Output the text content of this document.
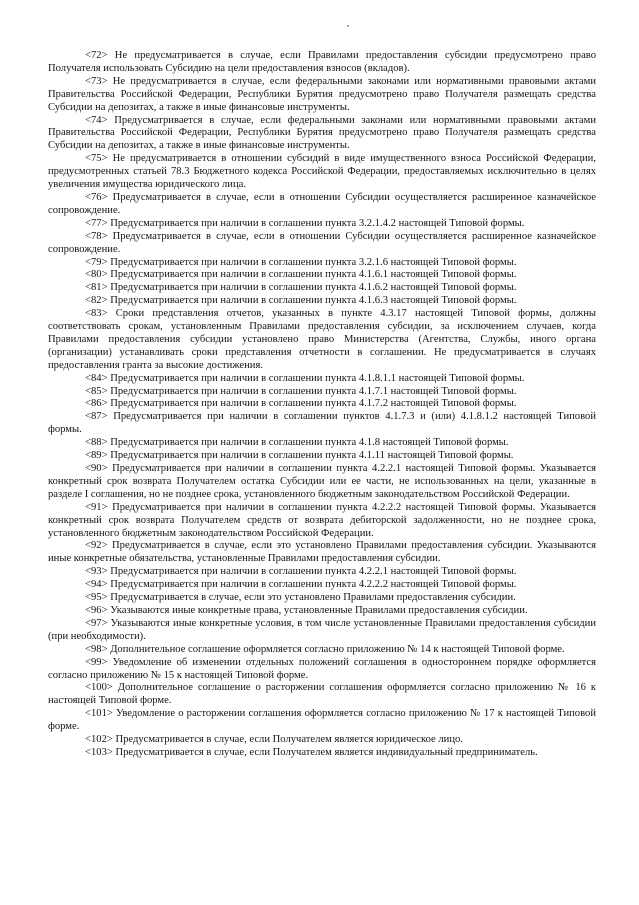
<72> Не предусматривается в случае, если Правилами предоставления субсидии предусмотрено право Получателя использовать Субсидию на цели предоставления взносов (вкладов).

<73> Не предусматривается в случае, если федеральными законами или нормативными правовыми актами Правительства Российской Федерации, Республики Бурятия предусмотрено право Получателя размещать средства Субсидии на депозитах, а также в иные финансовые инструменты.

<74> Предусматривается в случае, если федеральными законами или нормативными правовыми актами Правительства Российской Федерации, Республики Бурятия предусмотрено право Получателя размещать средства Субсидии на депозитах, а также в иные финансовые инструменты.

<75> Не предусматривается в отношении субсидий в виде имущественного взноса Российской Федерации, предусмотренных статьей 78.3 Бюджетного кодекса Российской Федерации, предоставляемых исключительно в целях увеличения имущества юридического лица.

<76> Предусматривается в случае, если в отношении Субсидии осуществляется расширенное казначейское сопровождение.

<77> Предусматривается при наличии в соглашении пункта 3.2.1.4.2 настоящей Типовой формы.

<78> Предусматривается в случае, если в отношении Субсидии осуществляется расширенное казначейское сопровождение.

<79> Предусматривается при наличии в соглашении пункта 3.2.1.6 настоящей Типовой формы.

<80> Предусматривается при наличии в соглашении пункта 4.1.6.1 настоящей Типовой формы.

<81> Предусматривается при наличии в соглашении пункта 4.1.6.2 настоящей Типовой формы.

<82> Предусматривается при наличии в соглашении пункта 4.1.6.3 настоящей Типовой формы.

<83> Сроки представления отчетов, указанных в пункте 4.3.17 настоящей Типовой формы, должны соответствовать срокам, установленным Правилами предоставления субсидии, за исключением случаев, когда Правилами предоставления субсидии установлено право Министерства (Агентства, Службы, иного органа (организации) устанавливать сроки представления отчетности в соглашении. Не предусматривается в случаях предоставления гранта за высокие достижения.

<84> Предусматривается при наличии в соглашении пункта 4.1.8.1.1 настоящей Типовой формы.

<85> Предусматривается при наличии в соглашении пункта 4.1.7.1 настоящей Типовой формы.

<86> Предусматривается при наличии в соглашении пункта 4.1.7.2 настоящей Типовой формы.

<87> Предусматривается при наличии в соглашении пунктов 4.1.7.3 и (или) 4.1.8.1.2 настоящей Типовой формы.

<88> Предусматривается при наличии в соглашении пункта 4.1.8 настоящей Типовой формы.

<89> Предусматривается при наличии в соглашении пункта 4.1.11 настоящей Типовой формы.

<90> Предусматривается при наличии в соглашении пункта 4.2.2.1 настоящей Типовой формы. Указывается конкретный срок возврата Получателем остатка Субсидии или ее части, не использованных на цели, указанные в разделе I соглашения, но не позднее срока, установленного бюджетным законодательством Российской Федерации.

<91> Предусматривается при наличии в соглашении пункта 4.2.2.2 настоящей Типовой формы. Указывается конкретный срок возврата Получателем средств от возврата дебиторской задолженности, но не позднее срока, установленного бюджетным законодательством Российской Федерации.

<92> Предусматривается в случае, если это установлено Правилами предоставления субсидии. Указываются иные конкретные обязательства, установленные Правилами предоставления субсидии.

<93> Предусматривается при наличии в соглашении пункта 4.2.2.1 настоящей Типовой формы.

<94> Предусматривается при наличии в соглашении пункта 4.2.2.2 настоящей Типовой формы.

<95> Предусматривается в случае, если это установлено Правилами предоставления субсидии.

<96> Указываются иные конкретные права, установленные Правилами предоставления субсидии.

<97> Указываются иные конкретные условия, в том числе установленные Правилами предоставления субсидии (при необходимости).

<98> Дополнительное соглашение оформляется согласно приложению № 14 к настоящей Типовой форме.

<99> Уведомление об изменении отдельных положений соглашения в одностороннем порядке оформляется согласно приложению № 15 к настоящей Типовой форме.

<100> Дополнительное соглашение о расторжении соглашения оформляется согласно приложению № 16 к настоящей Типовой форме.

<101> Уведомление о расторжении соглашения оформляется согласно приложению № 17 к настоящей Типовой форме.

<102> Предусматривается в случае, если Получателем является юридическое лицо.

<103> Предусматривается в случае, если Получателем является индивидуальный предприниматель.
